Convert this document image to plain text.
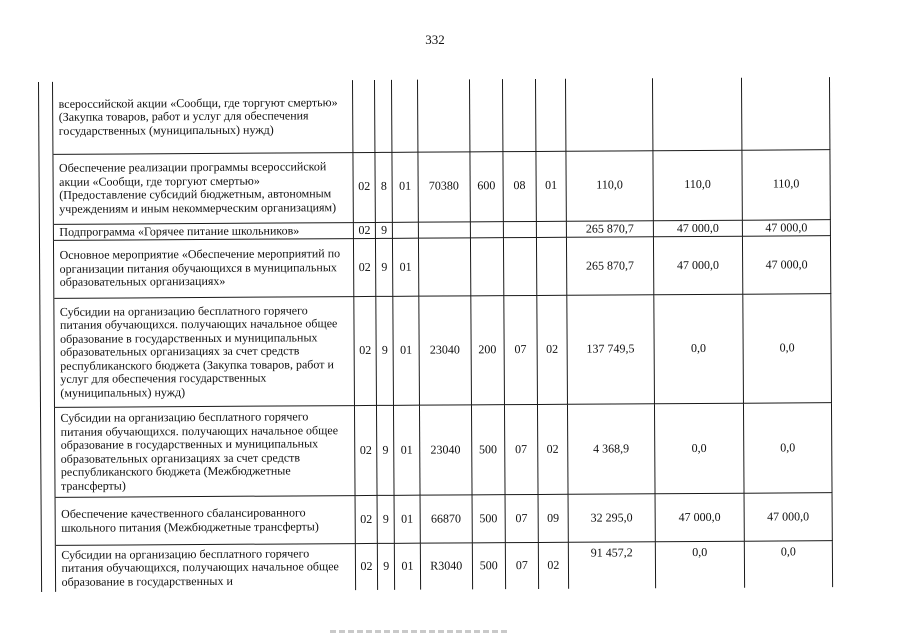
332
	всероссийской акции «Сообщи, где торгуют смертью» (Закупка товаров, работ и услуг для обеспечения государственных (муниципальных) нужд)										
	Обеспечение реализации программы всероссийской акции «Сообщи, где торгуют смертью» (Предоставление субсидий бюджетным, автономным учреждениям и иным некоммерческим организациям)	02	8	01	70380	600	08	01	110,0	110,0	110,0
	Подпрограмма «Горячее питание школьников»	02	9						265 870,7	47 000,0	47 000,0
	Основное мероприятие «Обеспечение мероприятий по организации питания обучающихся в муниципальных образовательных организациях»	02	9	01					265 870,7	47 000,0	47 000,0
	Субсидии на организацию бесплатного горячего питания обучающихся. получающих начальное общее образование в государственных и муниципальных образовательных организациях за счет средств республиканского бюджета (Закупка товаров, работ и услуг для обеспечения государственных (муниципальных) нужд)	02	9	01	23040	200	07	02	137 749,5	0,0	0,0
	Субсидии на организацию бесплатного горячего питания обучающихся. получающих начальное общее образование в государственных и муниципальных образовательных организациях за счет средств республиканского бюджета (Межбюджетные трансферты)	02	9	01	23040	500	07	02	4 368,9	0,0	0,0
	Обеспечение качественного сбалансированного школьного питания (Межбюджетные трансферты)	02	9	01	66870	500	07	09	32 295,0	47 000,0	47 000,0
	Субсидии на организацию бесплатного горячего питания обучающихся, получающих начальное общее образование в государственных и	02	9	01	R3040	500	07	02	91 457,2	0,0	0,0
